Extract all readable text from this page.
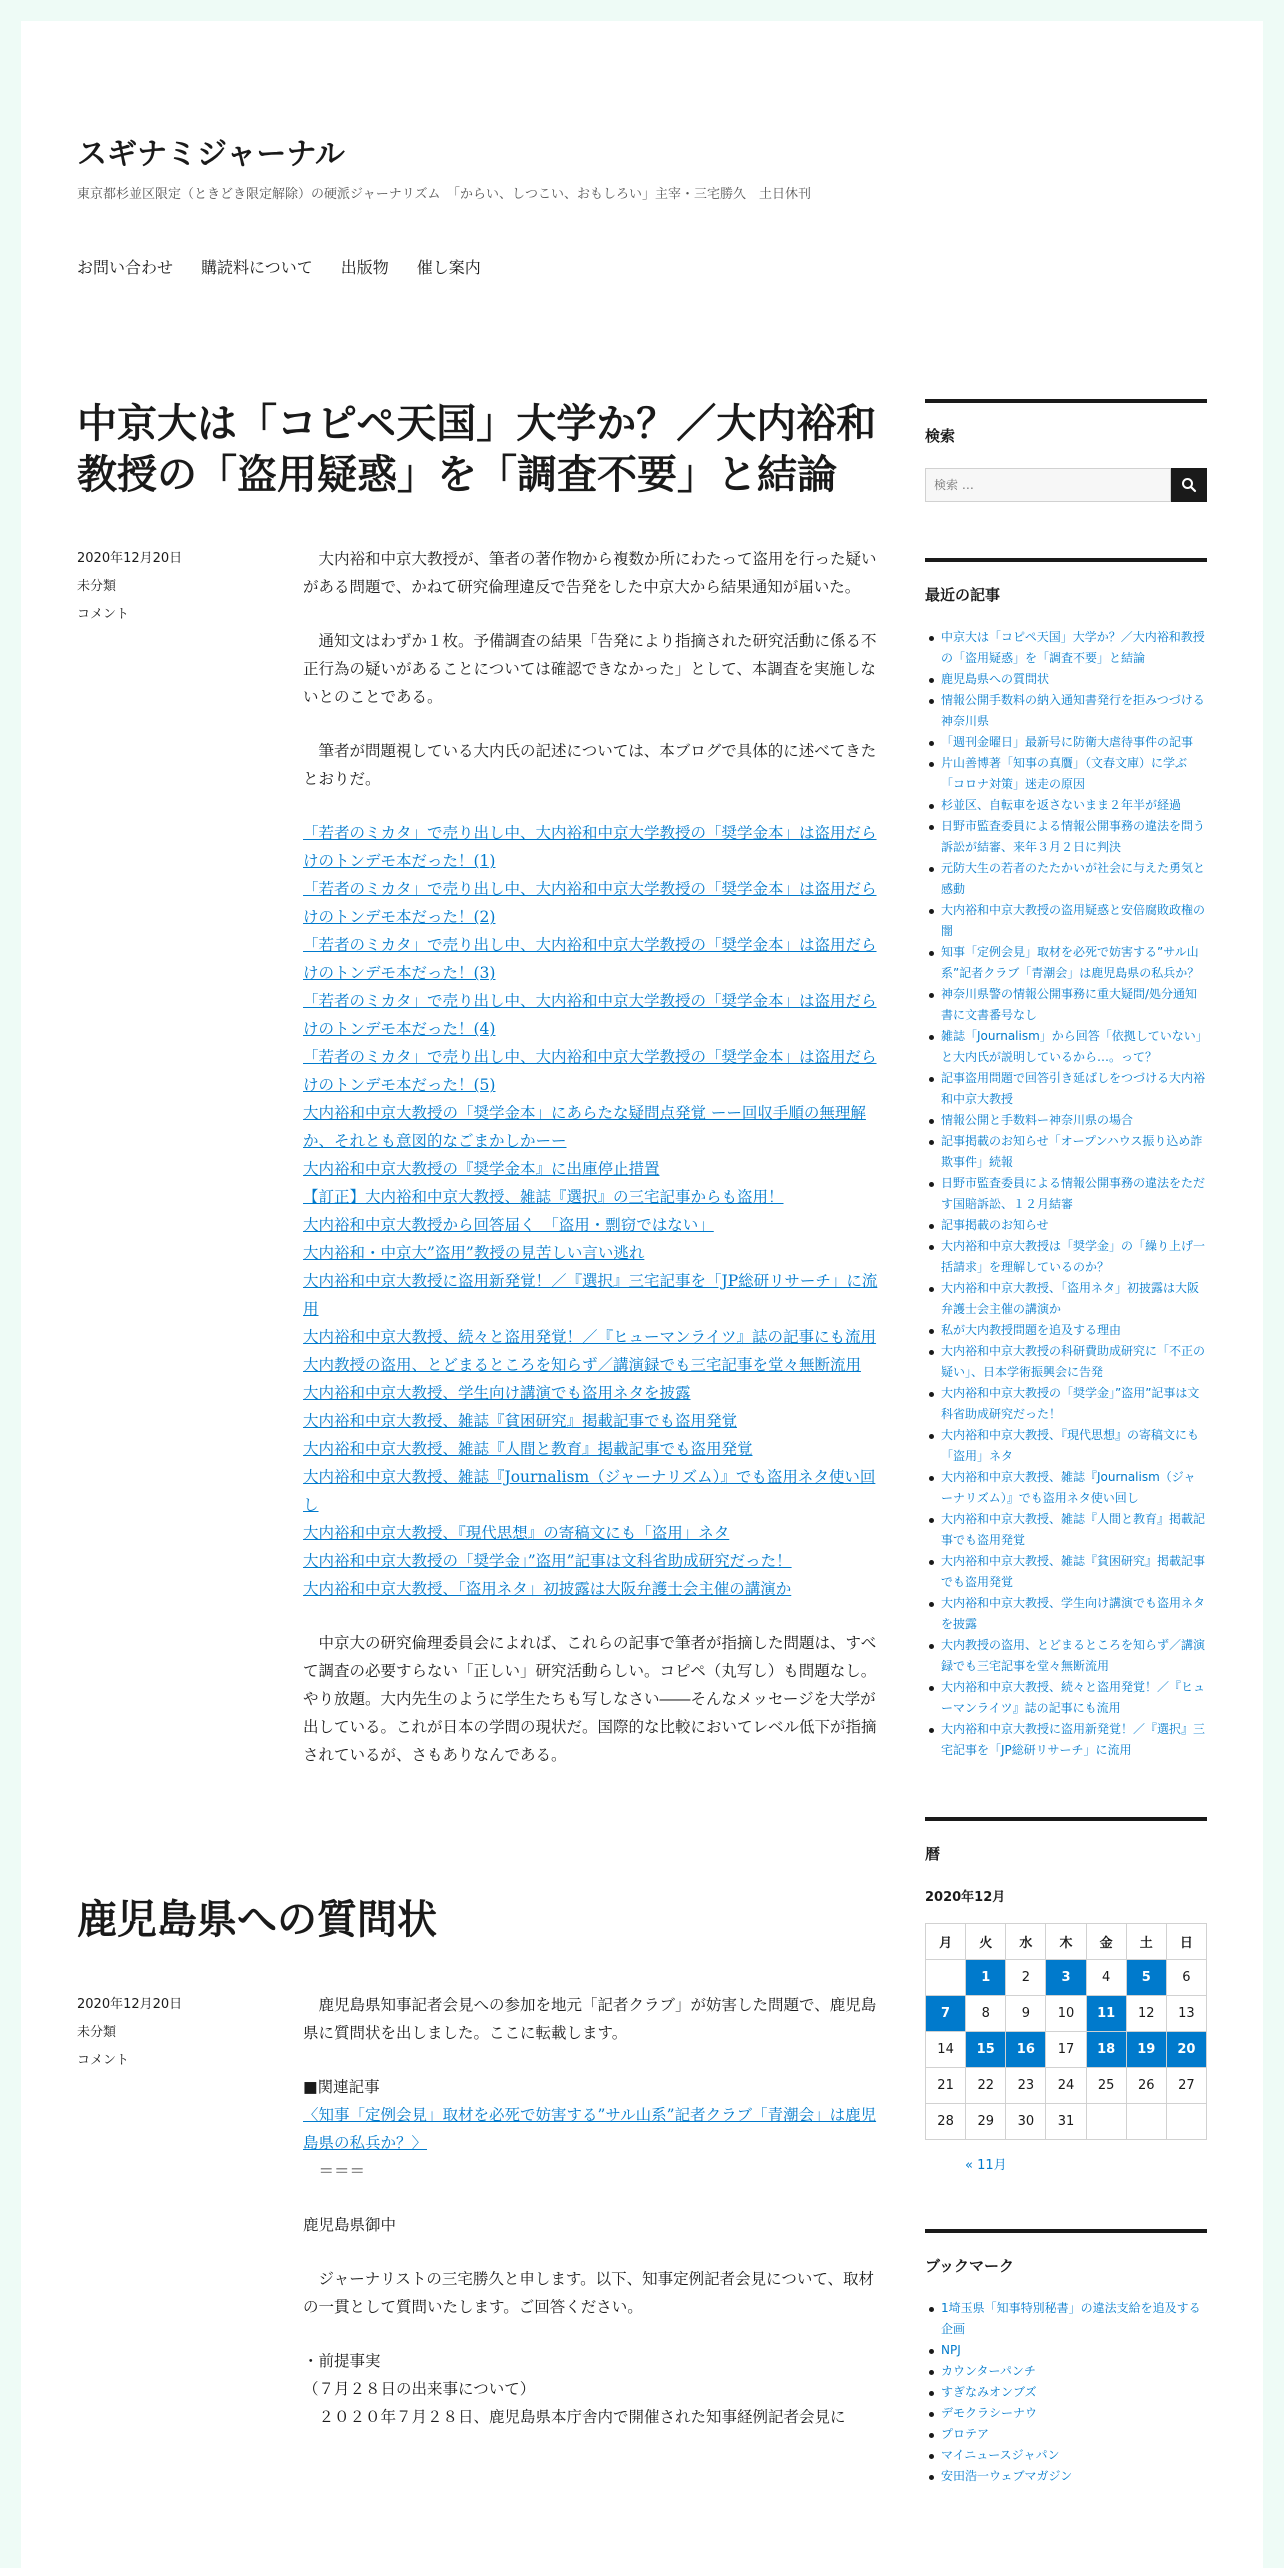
スギナミジャーナル
東京都杉並区限定（ときどき限定解除）の硬派ジャーナリズム　「からい、しつこい、おもしろい」主宰・三宅勝久　土日休刊
お問い合わせ 購読料について 出版物 催し案内
中京大は「コピペ天国」大学か？／大内裕和教授の「盗用疑惑」を「調査不要」と結論
2020年12月20日
未分類
コメント

　大内裕和中京大教授が、筆者の著作物から複数か所にわたって盗用を行った疑いがある問題で、かねて研究倫理違反で告発をした中京大から結果通知が届いた。

　通知文はわずか１枚。予備調査の結果「告発により指摘された研究活動に係る不正行為の疑いがあることについては確認できなかった」として、本調査を実施しないとのことである。

　筆者が問題視している大内氏の記述については、本ブログで具体的に述べてきたとおりだ。

「若者のミカタ」で売り出し中、大内裕和中京大学教授の「奨学金本」は盗用だらけのトンデモ本だった！(1)
「若者のミカタ」で売り出し中、大内裕和中京大学教授の「奨学金本」は盗用だらけのトンデモ本だった！(2)
「若者のミカタ」で売り出し中、大内裕和中京大学教授の「奨学金本」は盗用だらけのトンデモ本だった！(3)
「若者のミカタ」で売り出し中、大内裕和中京大学教授の「奨学金本」は盗用だらけのトンデモ本だった！(4)
「若者のミカタ」で売り出し中、大内裕和中京大学教授の「奨学金本」は盗用だらけのトンデモ本だった！(5)
大内裕和中京大教授の「奨学金本」にあらたな疑問点発覚 ーー回収手順の無理解か、それとも意図的なごまかしかーー
大内裕和中京大教授の『奨学金本』に出庫停止措置
【訂正】大内裕和中京大教授、雑誌『選択』の三宅記事からも盗用！
大内裕和中京大教授から回答届く　「盗用・剽窃ではない」
大内裕和・中京大”盗用”教授の見苦しい言い逃れ
大内裕和中京大教授に盗用新発覚！／『選択』三宅記事を「JP総研リサーチ」に流用
大内裕和中京大教授、続々と盗用発覚！／『ヒューマンライツ』誌の記事にも流用
大内教授の盗用、とどまるところを知らず／講演録でも三宅記事を堂々無断流用
大内裕和中京大教授、学生向け講演でも盗用ネタを披露
大内裕和中京大教授、雑誌『貧困研究』掲載記事でも盗用発覚
大内裕和中京大教授、雑誌『人間と教育』掲載記事でも盗用発覚
大内裕和中京大教授、雑誌『Journalism（ジャーナリズム）』でも盗用ネタ使い回し
大内裕和中京大教授、『現代思想』の寄稿文にも「盗用」ネタ
大内裕和中京大教授の「奨学金」”盗用”記事は文科省助成研究だった！
大内裕和中京大教授、「盗用ネタ」初披露は大阪弁護士会主催の講演か

　中京大の研究倫理委員会によれば、これらの記事で筆者が指摘した問題は、すべて調査の必要すらない「正しい」研究活動らしい。コピペ（丸写し）も問題なし。やり放題。大内先生のように学生たちも写しなさい――そんなメッセージを大学が出している。これが日本の学問の現状だ。国際的な比較においてレベル低下が指摘されているが、さもありなんである。

鹿児島県への質問状
2020年12月20日
未分類
コメント

　鹿児島県知事記者会見への参加を地元「記者クラブ」が妨害した問題で、鹿児島県に質問状を出しました。ここに転載します。

■関連記事

〈知事「定例会見」取材を必死で妨害する”サル山系”記者クラブ「青潮会」は鹿児島県の私兵か？〉

　＝＝＝

鹿児島県御中

　ジャーナリストの三宅勝久と申します。以下、知事定例記者会見について、取材の一貫として質問いたします。ご回答ください。

・前提事実

（７月２８日の出来事について）

　２０２０年７月２８日、鹿児島県本庁舎内で開催された知事経例記者会見に

検索
検索 …
最近の記事
中京大は「コピペ天国」大学か？／大内裕和教授の「盗用疑惑」を「調査不要」と結論
鹿児島県への質問状
情報公開手数料の納入通知書発行を拒みつづける神奈川県
「週刊金曜日」最新号に防衛大虐待事件の記事
片山善博著「知事の真贋」（文春文庫）に学ぶ「コロナ対策」迷走の原因
杉並区、自転車を返さないまま２年半が経過
日野市監査委員による情報公開事務の違法を問う訴訟が結審、来年３月２日に判決
元防大生の若者のたたかいが社会に与えた勇気と感動
大内裕和中京大教授の盗用疑惑と安倍腐敗政権の闇
知事「定例会見」取材を必死で妨害する”サル山系”記者クラブ「青潮会」は鹿児島県の私兵か？
神奈川県警の情報公開事務に重大疑問/処分通知書に文書番号なし
雑誌「Journalism」から回答「依拠していない」と大内氏が説明しているから…。って？
記事盗用問題で回答引き延ばしをつづける大内裕和中京大教授
情報公開と手数料ー神奈川県の場合
記事掲載のお知らせ「オープンハウス振り込め詐欺事件」続報
日野市監査委員による情報公開事務の違法をただす国賠訴訟、１２月結審
記事掲載のお知らせ
大内裕和中京大教授は「奨学金」の「繰り上げ一括請求」を理解しているのか？
大内裕和中京大教授、「盗用ネタ」初披露は大阪弁護士会主催の講演か
私が大内教授問題を追及する理由
大内裕和中京大教授の科研費助成研究に「不正の疑い」、日本学術振興会に告発
大内裕和中京大教授の「奨学金」”盗用”記事は文科省助成研究だった！
大内裕和中京大教授、『現代思想』の寄稿文にも「盗用」ネタ
大内裕和中京大教授、雑誌『Journalism（ジャーナリズム）』でも盗用ネタ使い回し
大内裕和中京大教授、雑誌『人間と教育』掲載記事でも盗用発覚
大内裕和中京大教授、雑誌『貧困研究』掲載記事でも盗用発覚
大内裕和中京大教授、学生向け講演でも盗用ネタを披露
大内教授の盗用、とどまるところを知らず／講演録でも三宅記事を堂々無断流用
大内裕和中京大教授、続々と盗用発覚！／『ヒューマンライツ』誌の記事にも流用
大内裕和中京大教授に盗用新発覚！／『選択』三宅記事を「JP総研リサーチ」に流用
暦
2020年12月
月	火	水	木	金	土	日
	1	2	3	4	5	6
7	8	9	10	11	12	13
14	15	16	17	18	19	20
21	22	23	24	25	26	27
28	29	30	31			
« 11月
ブックマーク
1埼玉県「知事特別秘書」の違法支給を追及する企画
NPJ
カウンターパンチ
すぎなみオンブズ
デモクラシーナウ
プロテア
マイニュースジャパン
安田浩一ウェブマガジン
